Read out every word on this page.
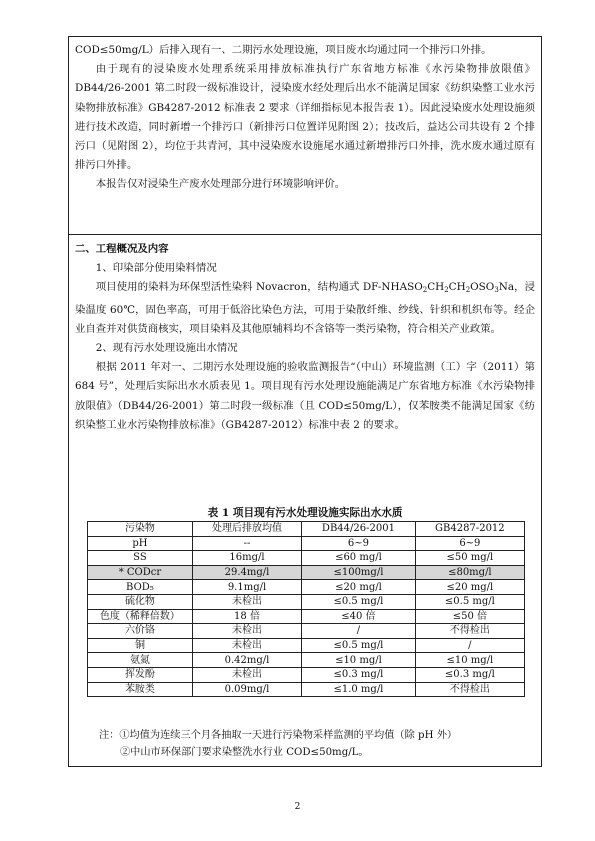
COD≤50mg/L）后排入现有一、二期污水处理设施，项目废水均通过同一个排污口外排。

由于现有的浸染废水处理系统采用排放标准执行广东省地方标准《水污染物排放限值》DB44/26-2001 第二时段一级标准设计，浸染废水经处理后出水不能满足国家《纺织染整工业水污染物排放标准》GB4287-2012 标准表 2 要求（详细指标见本报告表 1）。因此浸染废水处理设施须进行技术改造，同时新增一个排污口（新排污口位置详见附图 2）；技改后，益达公司共设有 2 个排污口（见附图 2），均位于共青河，其中浸染废水设施尾水通过新增排污口外排，洗水废水通过原有排污口外排。

本报告仅对浸染生产废水处理部分进行环境影响评价。

二、工程概况及内容

1、印染部分使用染料情况

项目使用的染料为环保型活性染料 Novacron，结构通式 $DF-NHASO_2CH_2CH_2OSO_3Na$，浸染温度 60℃，固色率高，可用于低浴比染色方法，可用于染散纤维、纱线、针织和机织布等。经企业自查并对供货商核实，项目染料及其他原辅料均不含铬等一类污染物，符合相关产业政策。

2、现有污水处理设施出水情况

根据 2011 年对一、二期污水处理设施的验收监测报告“（中山）环境监测（工）字（2011）第 684 号”，处理后实际出水水质表见 1。项目现有污水处理设施能满足广东省地方标准《水污染物排放限值》（DB44/26-2001）第二时段一级标准（且 COD≤50mg/L），仅苯胺类不能满足国家《纺织染整工业水污染物排放标准》（GB4287-2012）标准中表 2 的要求。

表 1 项目现有污水处理设施实际出水水质
污染物	处理后排放均值	DB44/26-2001	GB4287-2012
pH	--	6~9	6~9
SS	16mg/l	≤60 mg/l	≤50 mg/l
* CODcr	29.4mg/l	≤100mg/l	≤80mg/l
BOD₅	9.1mg/l	≤20 mg/l	≤20 mg/l
硫化物	未检出	≤0.5 mg/l	≤0.5 mg/l
色度（稀释倍数）	18 倍	≤40 倍	≤50 倍
六价铬	未检出	/	不得检出
铜	未检出	≤0.5 mg/l	/
氨氮	0.42mg/l	≤10 mg/l	≤10 mg/l
挥发酚	未检出	≤0.3 mg/l	≤0.3 mg/l
苯胺类	0.09mg/l	≤1.0 mg/l	不得检出
注：①均值为连续三个月各抽取一天进行污染物采样监测的平均值（除 pH 外）
②中山市环保部门要求染整洗水行业 COD≤50mg/L。
2
